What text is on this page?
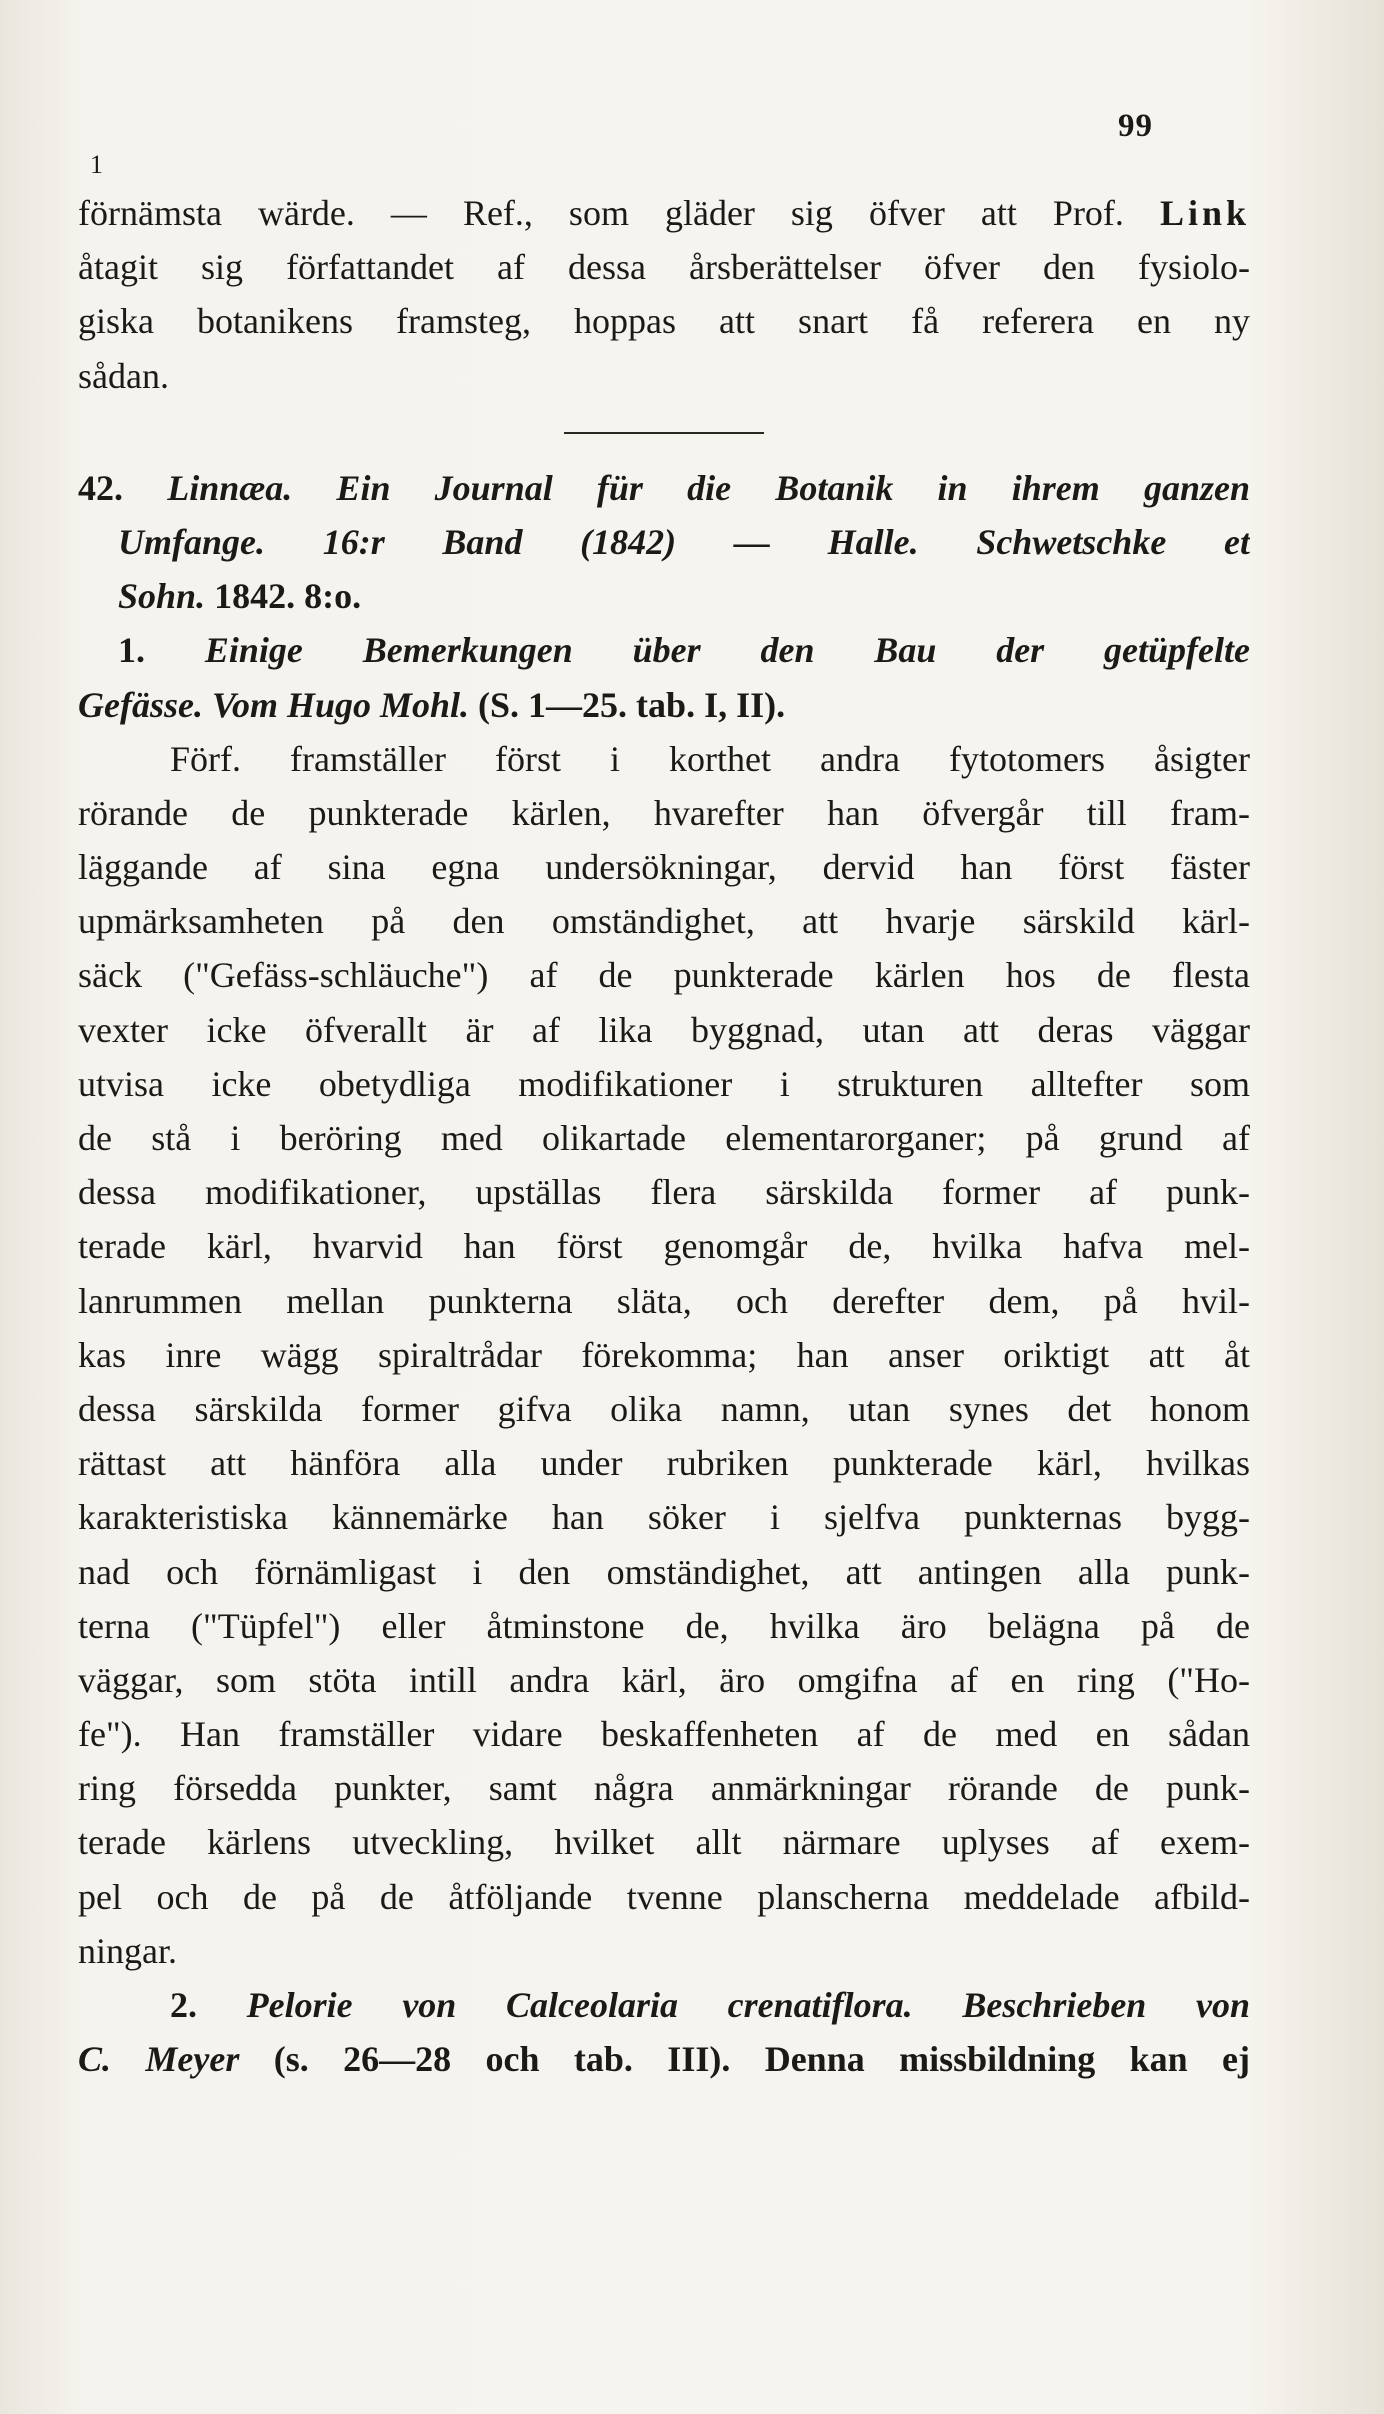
99
1
förnämsta wärde. — Ref., som gläder sig öfver att Prof. Link
åtagit sig författandet af dessa årsberättelser öfver den fysiolo-
giska botanikens framsteg, hoppas att snart få referera en ny
sådan.
42. Linnæa. Ein Journal für die Botanik in ihrem ganzen
Umfange. 16:r Band (1842) — Halle. Schwetschke et
Sohn. 1842. 8:o.
1. Einige Bemerkungen über den Bau der getüpfelte
Gefässe. Vom Hugo Mohl. (S. 1—25. tab. I, II).
Förf. framställer först i korthet andra fytotomers åsigter
rörande de punkterade kärlen, hvarefter han öfvergår till fram-
läggande af sina egna undersökningar, dervid han först fäster
upmärksamheten på den omständighet, att hvarje särskild kärl-
säck ("Gefäss-schläuche") af de punkterade kärlen hos de flesta
vexter icke öfverallt är af lika byggnad, utan att deras väggar
utvisa icke obetydliga modifikationer i strukturen alltefter som
de stå i beröring med olikartade elementarorganer; på grund af
dessa modifikationer, upställas flera särskilda former af punk-
terade kärl, hvarvid han först genomgår de, hvilka hafva mel-
lanrummen mellan punkterna släta, och derefter dem, på hvil-
kas inre wägg spiraltrådar förekomma; han anser oriktigt att åt
dessa särskilda former gifva olika namn, utan synes det honom
rättast att hänföra alla under rubriken punkterade kärl, hvilkas
karakteristiska kännemärke han söker i sjelfva punkternas bygg-
nad och förnämligast i den omständighet, att antingen alla punk-
terna ("Tüpfel") eller åtminstone de, hvilka äro belägna på de
väggar, som stöta intill andra kärl, äro omgifna af en ring ("Ho-
fe"). Han framställer vidare beskaffenheten af de med en sådan
ring försedda punkter, samt några anmärkningar rörande de punk-
terade kärlens utveckling, hvilket allt närmare uplyses af exem-
pel och de på de åtföljande tvenne planscherna meddelade afbild-
ningar.
2. Pelorie von Calceolaria crenatiflora. Beschrieben von
C. Meyer (s. 26—28 och tab. III). Denna missbildning kan ej
